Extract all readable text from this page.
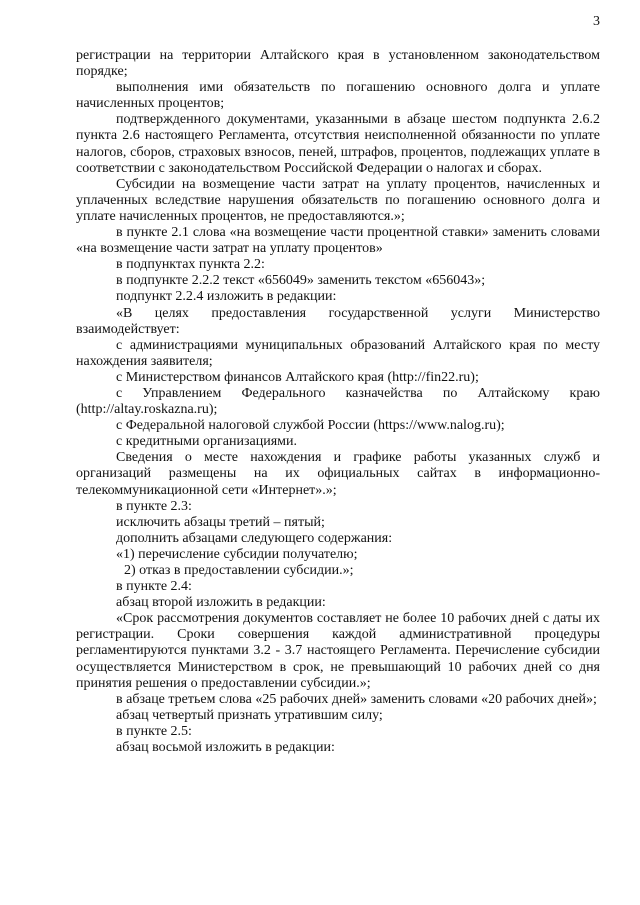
3

регистрации на территории Алтайского края в установленном законодательством порядке;

выполнения ими обязательств по погашению основного долга и уплате начисленных процентов;

подтвержденного документами, указанными в абзаце шестом подпункта 2.6.2 пункта 2.6 настоящего Регламента, отсутствия неисполненной обязанности по уплате налогов, сборов, страховых взносов, пеней, штрафов, процентов, подлежащих уплате в соответствии с законодательством Российской Федерации о налогах и сборах.

Субсидии на возмещение части затрат на уплату процентов, начисленных и уплаченных вследствие нарушения обязательств по погашению основного долга и уплате начисленных процентов, не предоставляются.»;

в пункте 2.1 слова «на возмещение части процентной ставки» заменить словами «на возмещение части затрат на уплату процентов»

в подпунктах пункта 2.2:

в подпункте 2.2.2 текст «656049» заменить текстом «656043»;

подпункт 2.2.4 изложить в редакции:

«В целях предоставления государственной услуги Министерство взаимодействует:

с администрациями муниципальных образований Алтайского края по месту нахождения заявителя;

с Министерством финансов Алтайского края (http://fin22.ru);

с Управлением Федерального казначейства по Алтайскому краю (http://altay.roskazna.ru);

с Федеральной налоговой службой России (https://www.nalog.ru);

с кредитными организациями.

Сведения о месте нахождения и графике работы указанных служб и организаций размещены на их официальных сайтах в информационно-телекоммуникационной сети «Интернет».»;

в пункте 2.3:

исключить абзацы третий – пятый;

дополнить абзацами следующего содержания:

«1) перечисление субсидии получателю;

2) отказ в предоставлении субсидии.»;

в пункте 2.4:

абзац второй изложить в редакции:

«Срок рассмотрения документов составляет не более 10 рабочих дней с даты их регистрации. Сроки совершения каждой административной процедуры регламентируются пунктами 3.2 - 3.7 настоящего Регламента. Перечисление субсидии осуществляется Министерством в срок, не превышающий 10 рабочих дней со дня принятия решения о предоставлении субсидии.»;

в абзаце третьем слова «25 рабочих дней» заменить словами «20 рабочих дней»;

абзац четвертый признать утратившим силу;

в пункте 2.5:

абзац восьмой изложить в редакции:
